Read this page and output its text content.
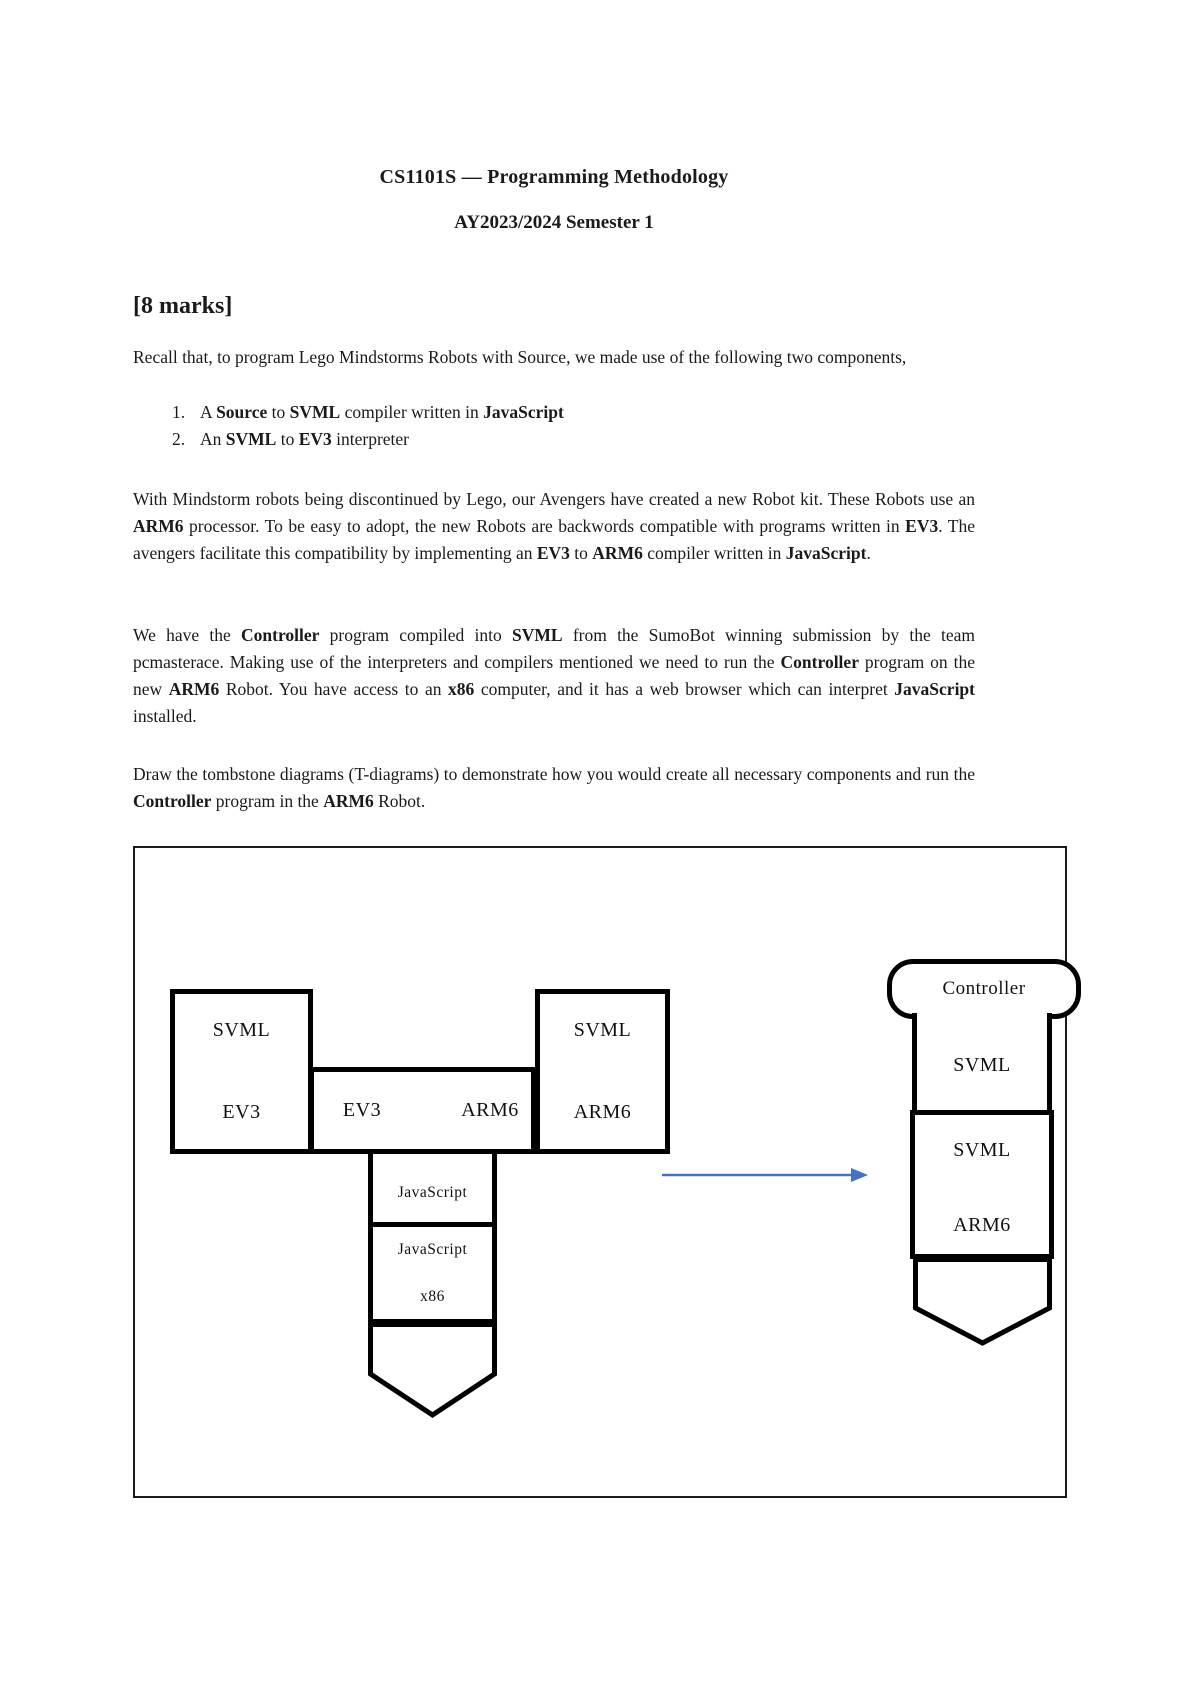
CS1101S — Programming Methodology
AY2023/2024 Semester 1
[8 marks]

Recall that, to program Lego Mindstorms Robots with Source, we made use of the following two components,

1. A Source to SVML compiler written in JavaScript
2. An SVML to EV3 interpreter

With Mindstorm robots being discontinued by Lego, our Avengers have created a new Robot kit. These Robots use an ARM6 processor. To be easy to adopt, the new Robots are backwords compatible with programs written in EV3. The avengers facilitate this compatibility by implementing an EV3 to ARM6 compiler written in JavaScript.

We have the Controller program compiled into SVML from the SumoBot winning submission by the team pcmasterace. Making use of the interpreters and compilers mentioned we need to run the Controller program on the new ARM6 Robot. You have access to an x86 computer, and it has a web browser which can interpret JavaScript installed.

Draw the tombstone diagrams (T-diagrams) to demonstrate how you would create all necessary components and run the Controller program in the ARM6 Robot.

SVML
EV3	EV3	ARM6
JavaScript
JavaScript
x86
SVML
ARM6
Controller
SVML
SVML
ARM6
